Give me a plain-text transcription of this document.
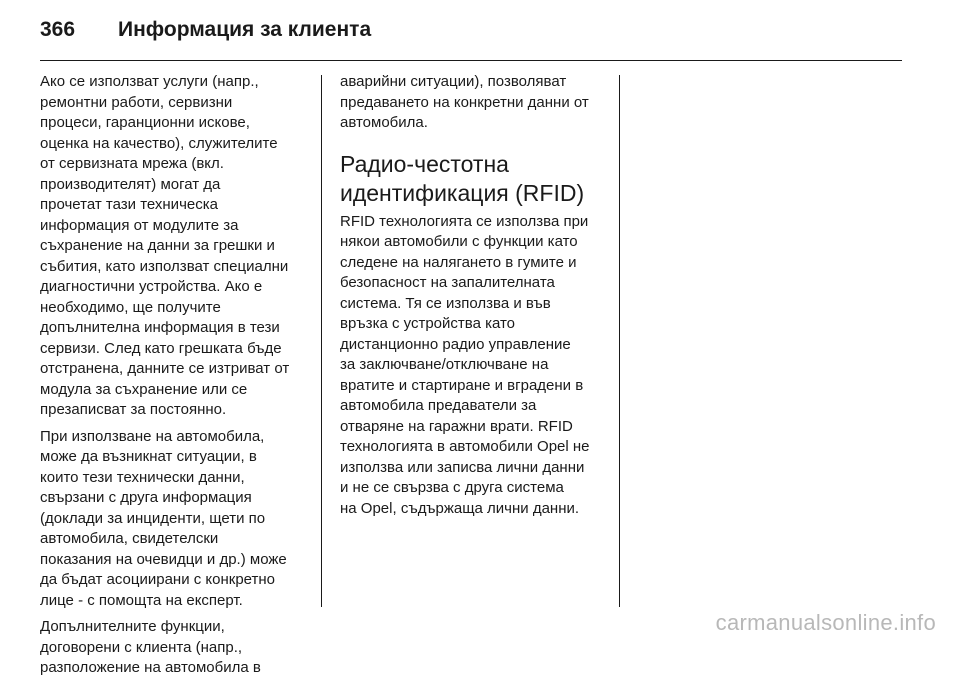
366	Информация за клиента

Ако се използват услуги (напр.,
ремонтни работи, сервизни
процеси, гаранционни искове,
оценка на качество), служителите
от сервизната мрежа (вкл.
производителят) могат да
прочетат тази техническа
информация от модулите за
съхранение на данни за грешки и
събития, като използват специални
диагностични устройства. Ако е
необходимо, ще получите
допълнителна информация в тези
сервизи. След като грешката бъде
отстранена, данните се изтриват от
модула за съхранение или се
презаписват за постоянно.

При използване на автомобила,
може да възникнат ситуации, в
които тези технически данни,
свързани с друга информация
(доклади за инциденти, щети по
автомобила, свидетелски
показания на очевидци и др.) може
да бъдат асоциирани с конкретно
лице - с помощта на експерт.

Допълнителните функции,
договорени с клиента (напр.,
разположение на автомобила в

аварийни ситуации), позволяват
предаването на конкретни данни от
автомобила.

Радио-честотна
идентификация (RFID)

RFID технологията се използва при
някои автомобили с функции като
следене на налягането в гумите и
безопасност на запалителната
система. Тя се използва и във
връзка с устройства като
дистанционно радио управление
за заключване/отключване на
вратите и стартиране и вградени в
автомобила предаватели за
отваряне на гаражни врати. RFID
технологията в автомобили Opel не
използва или записва лични данни
и не се свързва с друга система
на Opel, съдържаща лични данни.

carmanualsonline.info
